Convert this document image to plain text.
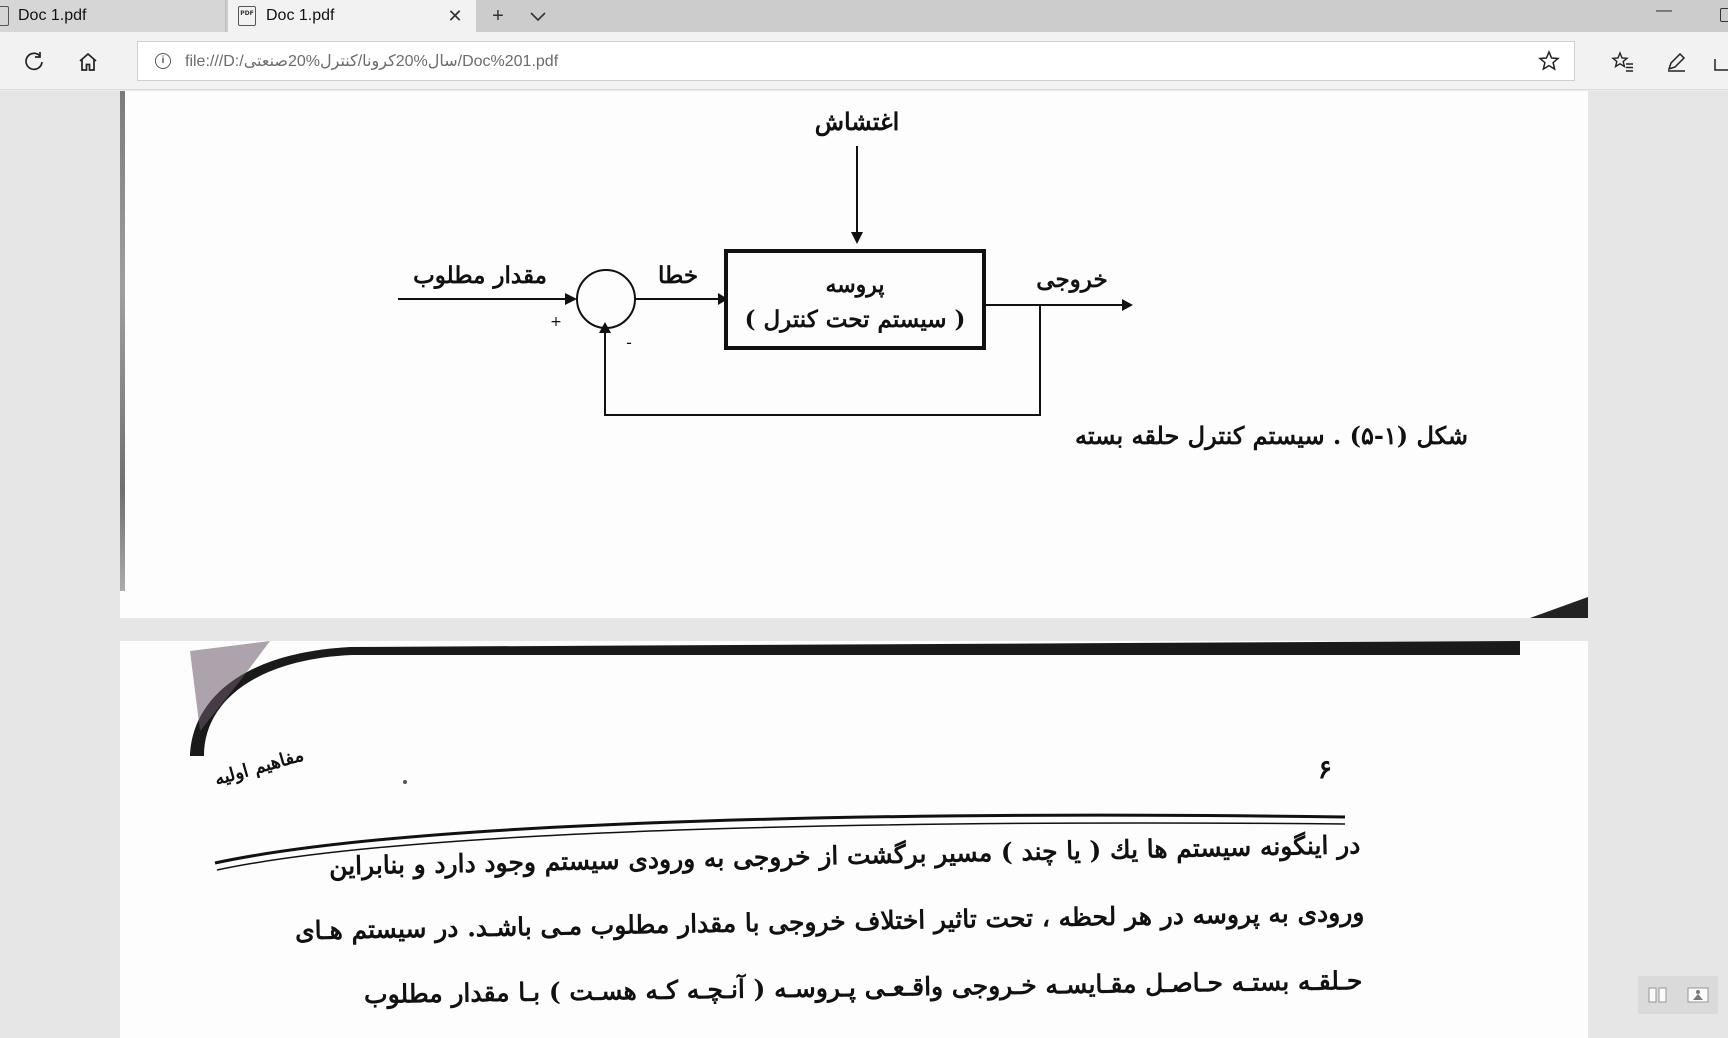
Doc 1.pdf	PDF Doc 1.pdf	✕	+	—
i	file:///D:/سال%20کرونا/کنترل%20صنعتی/Doc%201.pdf
اغتشاش
مقدار مطلوب	خطا	خروجی
پروسه
( سیستم تحت کنترل )
+
-
شکل (۱-۵) . سیستم کنترل حلقه بسته
مفاهیم اولیه	۶
در اینگونه سیستم ها یك ( یا چند ) مسیر برگشت از خروجی به ورودی سیستم وجود دارد و بنابراین
ورودی به پروسه در هر لحظه ، تحت تاثیر اختلاف خروجی با مقدار مطلوب مـی باشـد. در سیستم هـای
حـلقـه بستـه حـاصـل مقـایسـه خـروجی واقـعـی پـروسـه ( آنـچـه کـه هسـت ) بـا مقدار مطلوب
